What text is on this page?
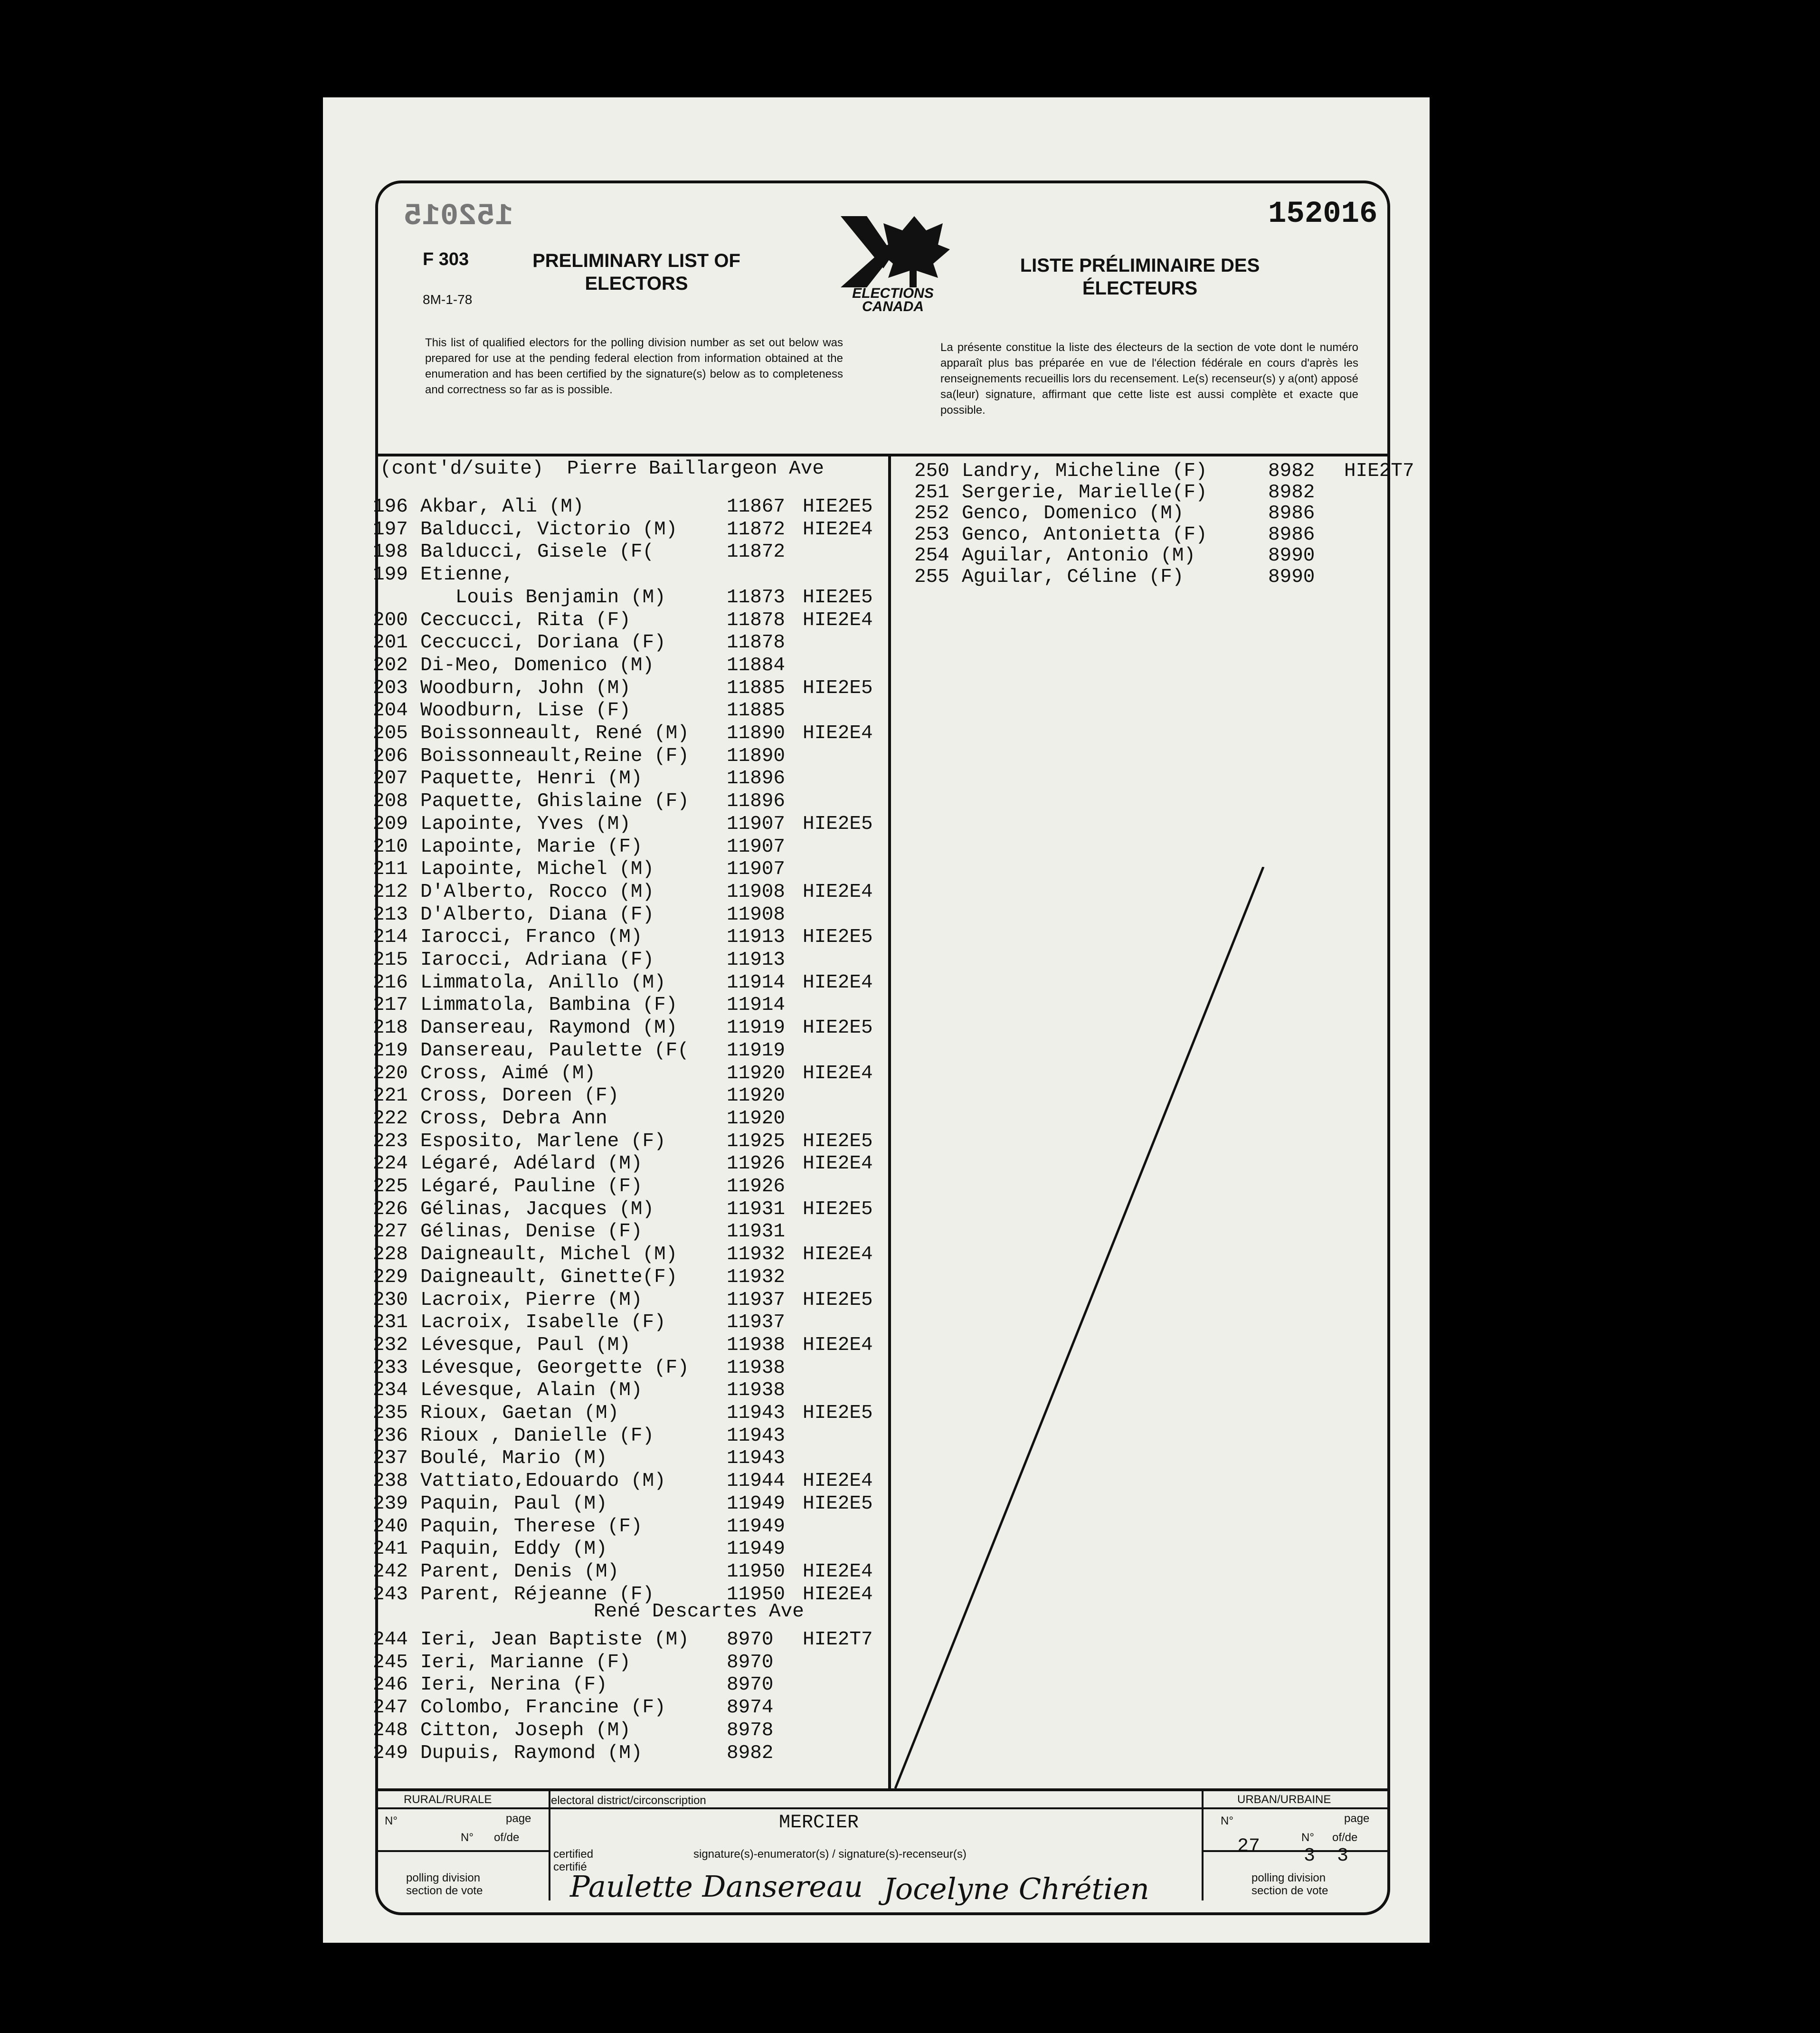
152015	152016
F 303
8M-1-78
PRELIMINARY LIST OF
ELECTORS	ELECTIONS
CANADA
LISTE PRÉLIMINAIRE DES
ÉLECTEURS
This list of qualified electors for the polling division number as set out below was prepared for use at the pending federal election from information obtained at the enumeration and has been certified by the signature(s) below as to completeness and correctness so far as is possible.
La présente constitue la liste des électeurs de la section de vote dont le numéro apparaît plus bas préparée en vue de l'élection fédérale en cours d'après les renseignements recueillis lors du recensement. Le(s) recenseur(s) y a(ont) apposé sa(leur) signature, affirmant que cette liste est aussi complète et exacte que possible.
(cont'd/suite) Pierre Baillargeon Ave
196 Akbar, Ali (M)	11867 HIE2E5
197 Balducci, Victorio (M)	11872 HIE2E4
198 Balducci, Gisele (F(	11872
199 Etienne,
Louis Benjamin (M)	11873 HIE2E5
200 Ceccucci, Rita (F)	11878 HIE2E4
201 Ceccucci, Doriana (F)	11878
202 Di-Meo, Domenico (M)	11884
203 Woodburn, John (M)	11885 HIE2E5
204 Woodburn, Lise (F)	11885
205 Boissonneault, René (M) 11890 HIE2E4
206 Boissonneault,Reine (F) 11890
207 Paquette, Henri (M)	11896
208 Paquette, Ghislaine (F) 11896
209 Lapointe, Yves (M)	11907 HIE2E5
210 Lapointe, Marie (F)	11907
211 Lapointe, Michel (M)	11907
212 D'Alberto, Rocco (M)	11908 HIE2E4
213 D'Alberto, Diana (F)	11908
214 Iarocci, Franco (M)	11913 HIE2E5
215 Iarocci, Adriana (F)	11913
216 Limmatola, Anillo (M)	11914 HIE2E4
217 Limmatola, Bambina (F)	11914
218 Dansereau, Raymond (M)	11919 HIE2E5
219 Dansereau, Paulette (F( 11919
220 Cross, Aimé (M)	11920 HIE2E4
221 Cross, Doreen (F)	11920
222 Cross, Debra Ann	11920
223 Esposito, Marlene (F)	11925 HIE2E5
224 Légaré, Adélard (M)	11926 HIE2E4
225 Légaré, Pauline (F)	11926
226 Gélinas, Jacques (M)	11931 HIE2E5
227 Gélinas, Denise (F)	11931
228 Daigneault, Michel (M)	11932 HIE2E4
229 Daigneault, Ginette(F)	11932
230 Lacroix, Pierre (M)	11937 HIE2E5
231 Lacroix, Isabelle (F)	11937
232 Lévesque, Paul (M)	11938 HIE2E4
233 Lévesque, Georgette (F) 11938
234 Lévesque, Alain (M)	11938
235 Rioux, Gaetan (M)	11943 HIE2E5
236 Rioux , Danielle (F)	11943
237 Boulé, Mario (M)	11943
238 Vattiato,Edouardo (M)	11944 HIE2E4
239 Paquin, Paul (M)	11949 HIE2E5
240 Paquin, Therese (F)	11949
241 Paquin, Eddy (M)	11949
242 Parent, Denis (M)	11950 HIE2E4
243 Parent, Réjeanne (F)	11950 HIE2E4
René Descartes Ave
244 Ieri, Jean Baptiste (M) 8970 HIE2T7
245 Ieri, Marianne (F)	8970
246 Ieri, Nerina (F)	8970
247 Colombo, Francine (F)	8974
248 Citton, Joseph (M)	8978
249 Dupuis, Raymond (M)	8982
250 Landry, Micheline (F)	8982 HIE2T7
251 Sergerie, Marielle(F)	8982
252 Genco, Domenico (M)	8986
253 Genco, Antonietta (F)	8986
254 Aguilar, Antonio (M)	8990
255 Aguilar, Céline (F)	8990
RURAL/RURALE	URBAN/URBAINE
electoral district/circonscription
MERCIER
N°	page
N° of/de
N°	page
N° of/de
27 3 3
polling division
section de vote
polling division
section de vote
certified
certifié
signature(s)-enumerator(s) / signature(s)-recenseur(s)
Paulette Dansereau Jocelyne Chrétien
